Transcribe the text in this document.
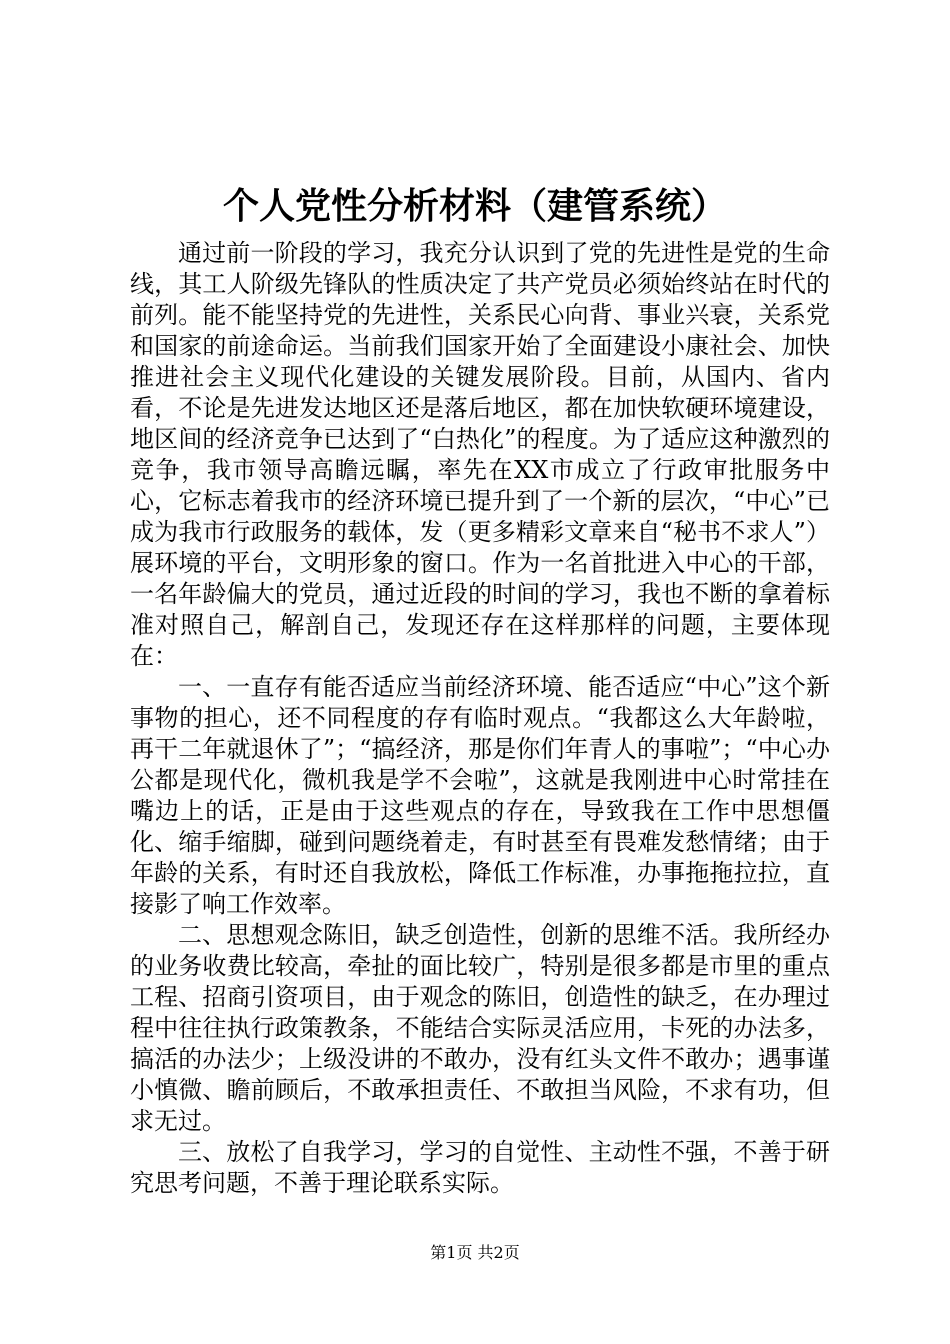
个人党性分析材料（建管系统）

通过前一阶段的学习，我充分认识到了党的先进性是党的生命线，其工人阶级先锋队的性质决定了共产党员必须始终站在时代的前列。能不能坚持党的先进性，关系民心向背、事业兴衰，关系党和国家的前途命运。当前我们国家开始了全面建设小康社会、加快推进社会主义现代化建设的关键发展阶段。目前，从国内、省内看，不论是先进发达地区还是落后地区，都在加快软硬环境建设，地区间的经济竞争已达到了“白热化”的程度。为了适应这种激烈的竞争，我市领导高瞻远瞩，率先在XX市成立了行政审批服务中心，它标志着我市的经济环境已提升到了一个新的层次，“中心”已成为我市行政服务的载体，发（更多精彩文章来自“秘书不求人”）展环境的平台，文明形象的窗口。作为一名首批进入中心的干部，一名年龄偏大的党员，通过近段的时间的学习，我也不断的拿着标准对照自己，解剖自己，发现还存在这样那样的问题，主要体现在：

一、一直存有能否适应当前经济环境、能否适应“中心”这个新事物的担心，还不同程度的存有临时观点。“我都这么大年龄啦，再干二年就退休了”；“搞经济，那是你们年青人的事啦”；“中心办公都是现代化，微机我是学不会啦”，这就是我刚进中心时常挂在嘴边上的话，正是由于这些观点的存在，导致我在工作中思想僵化、缩手缩脚，碰到问题绕着走，有时甚至有畏难发愁情绪；由于年龄的关系，有时还自我放松，降低工作标准，办事拖拖拉拉，直接影了响工作效率。

二、思想观念陈旧，缺乏创造性，创新的思维不活。我所经办的业务收费比较高，牵扯的面比较广，特别是很多都是市里的重点工程、招商引资项目，由于观念的陈旧，创造性的缺乏，在办理过程中往往执行政策教条，不能结合实际灵活应用，卡死的办法多，搞活的办法少；上级没讲的不敢办，没有红头文件不敢办；遇事谨小慎微、瞻前顾后，不敢承担责任、不敢担当风险，不求有功，但求无过。

三、放松了自我学习，学习的自觉性、主动性不强，不善于研究思考问题，不善于理论联系实际。

第1页 共2页
